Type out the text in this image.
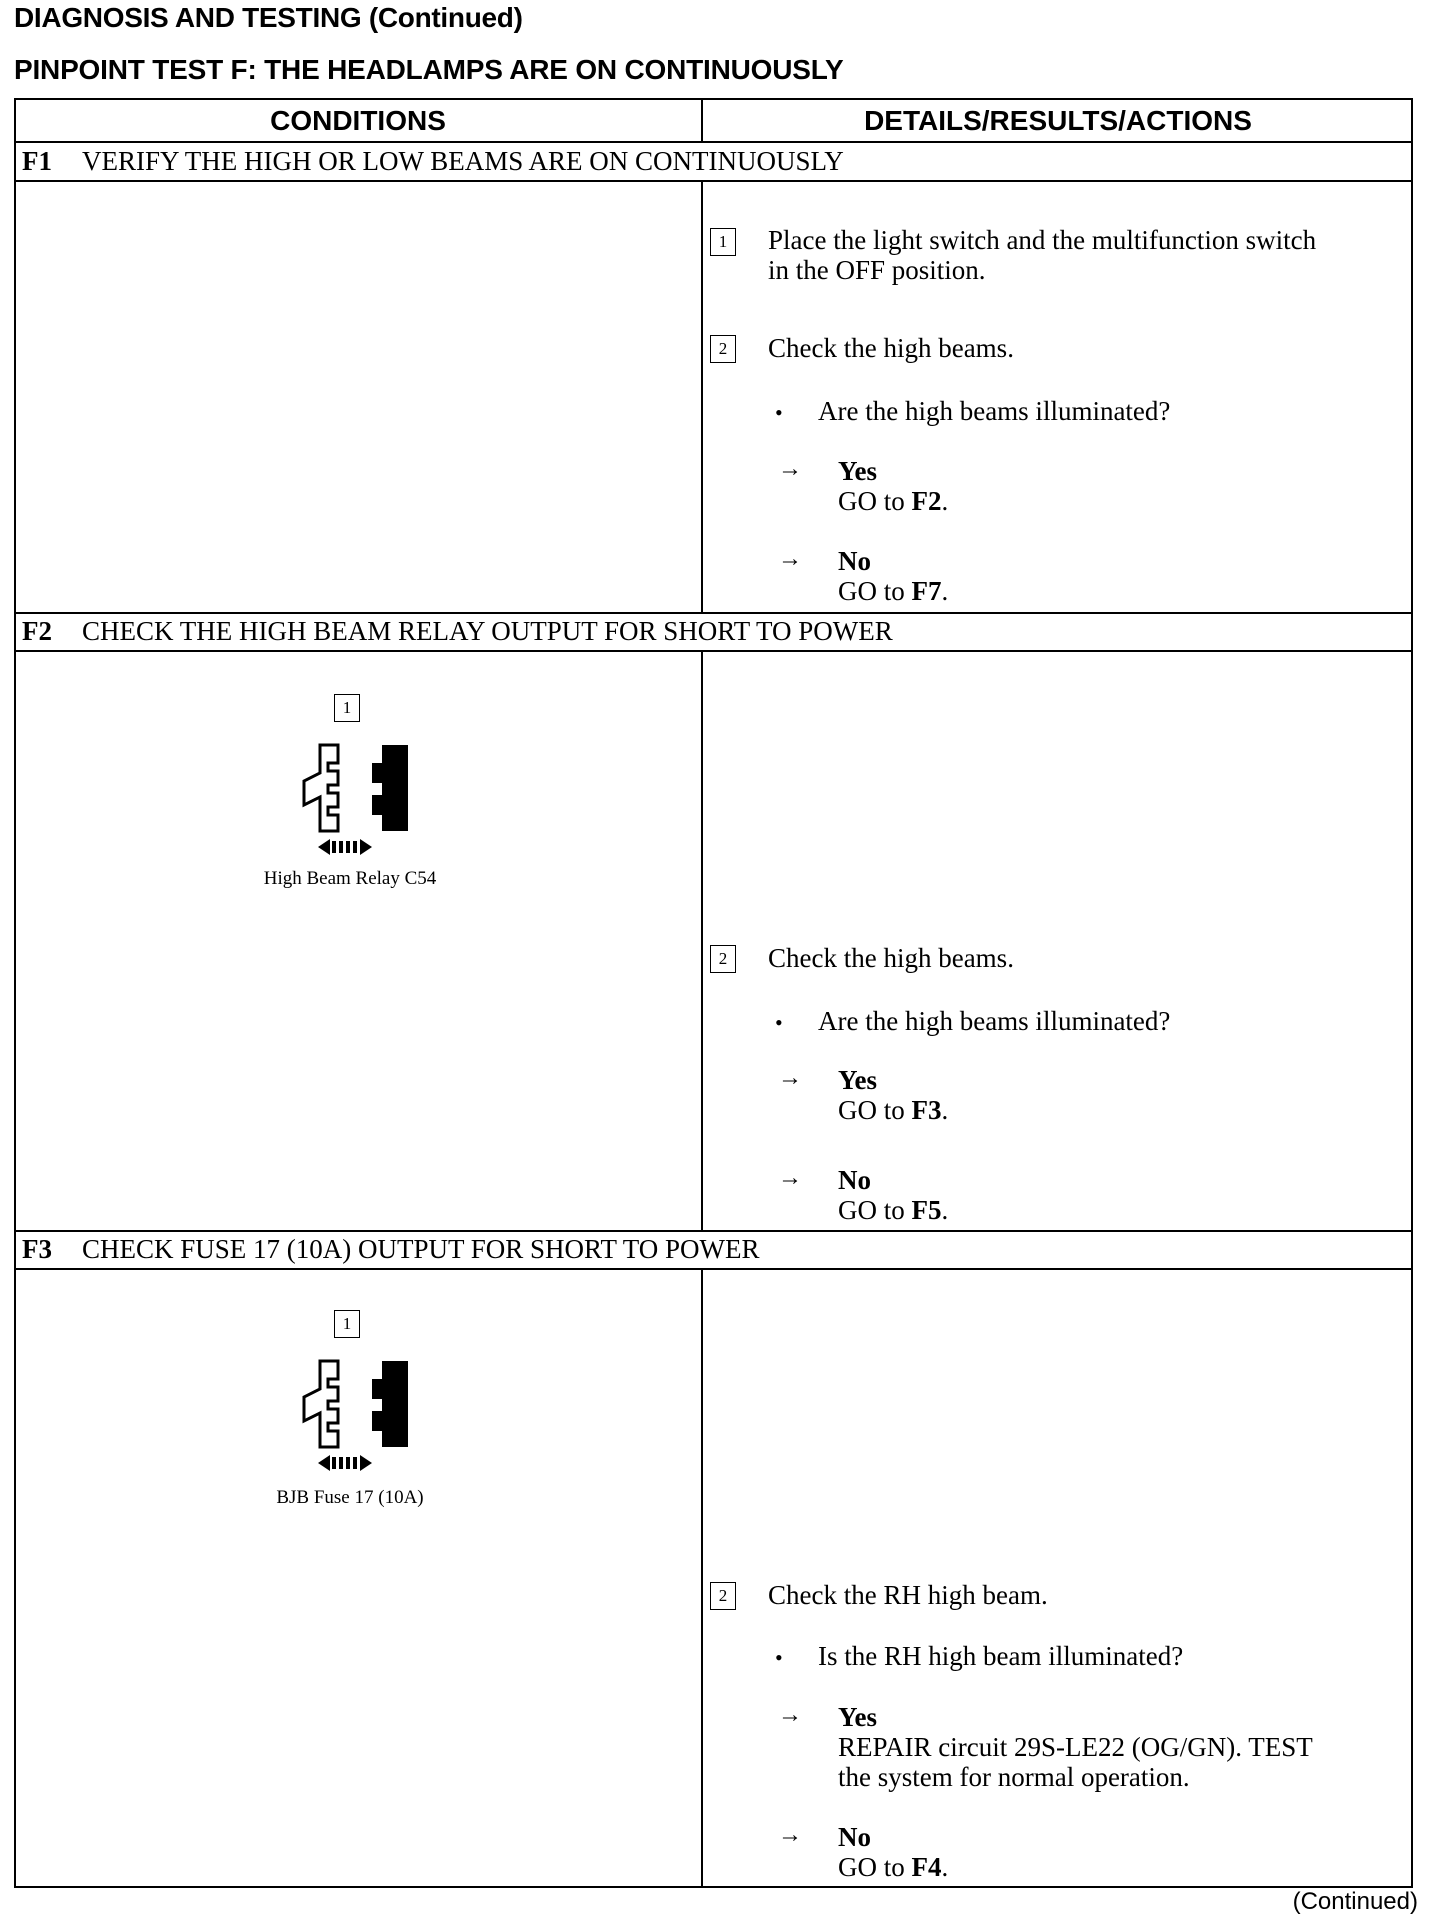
DIAGNOSIS AND TESTING (Continued)
PINPOINT TEST F: THE HEADLAMPS ARE ON CONTINUOUSLY
CONDITIONS	DETAILS/RESULTS/ACTIONS
F1 VERIFY THE HIGH OR LOW BEAMS ARE ON CONTINUOUSLY
1	Place the light switch and the multifunction switch
in the OFF position.
2	Check the high beams.
• Are the high beams illuminated?
→ Yes
GO to F2.
→ No
GO to F7.
F2 CHECK THE HIGH BEAM RELAY OUTPUT FOR SHORT TO POWER
1
High Beam Relay C54
2	Check the high beams.
• Are the high beams illuminated?
→ Yes
GO to F3.
→ No
GO to F5.
F3 CHECK FUSE 17 (10A) OUTPUT FOR SHORT TO POWER
1
BJB Fuse 17 (10A)
2	Check the RH high beam.
• Is the RH high beam illuminated?
→ Yes
REPAIR circuit 29S-LE22 (OG/GN). TEST
the system for normal operation.
→ No
GO to F4.
(Continued)
